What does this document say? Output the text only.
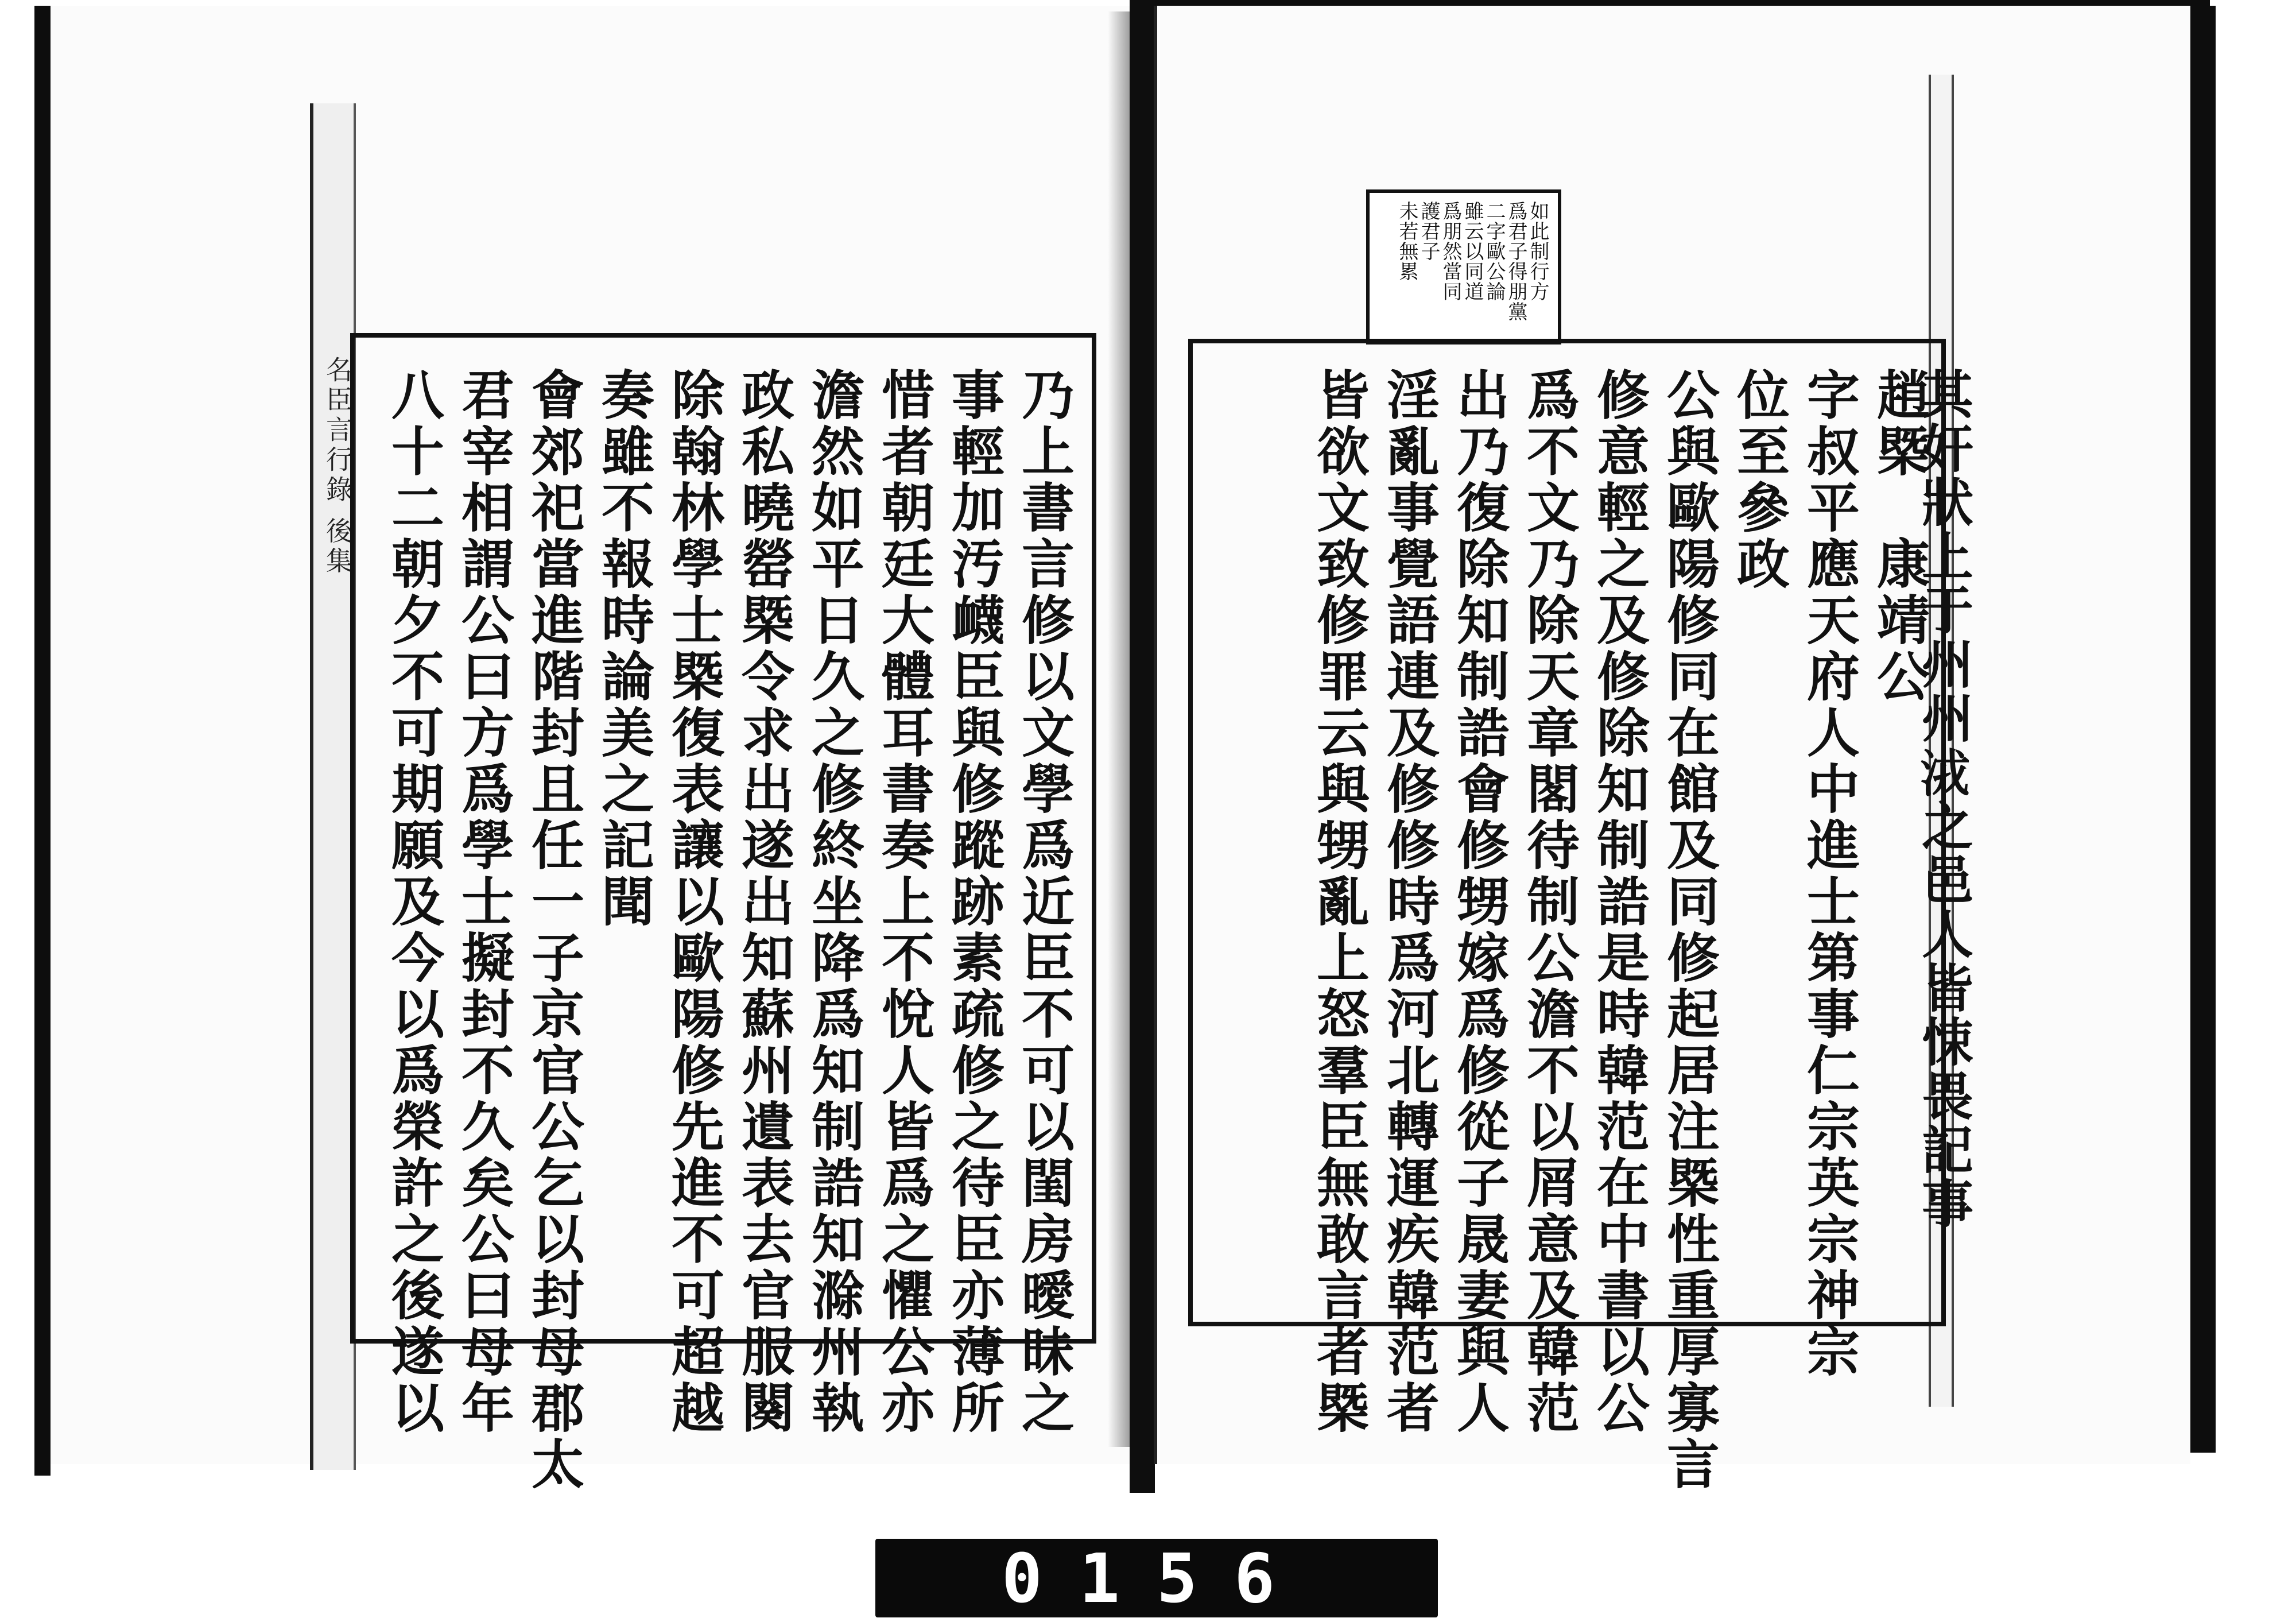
名臣言行錄 後集	乃上書言修以文學爲近臣不可以閨房曖昧之
事輕加汚衊臣與修蹤跡素疏修之待臣亦薄所
惜者朝廷大體耳書奏上不悅人皆爲之懼公亦
澹然如平日久之修終坐降爲知制誥知滁州執
政私曉罃槩令求出遂出知蘇州遺表去官服闋
除翰林學士槩復表讓以歐陽修先進不可超越
奏雖不報時論美之記聞
會郊祀當進階封且任一子京官公乞以封母郡太
君宰相謂公曰方爲學士擬封不久矣公曰母年
八十二朝夕不可期願及今以爲榮許之後遂以
如此制行方
爲君子得朋黨
二字歐公論
雖云以同道
爲朋然當同
護君子
未若無累
其奸狀上于州州𣴛之邑人皆悚畏記事
趙槩　康靖公
字叔平應天府人中進士第事仁宗英宗神宗
位至參政
公與歐陽修同在館及同修起居注槩性重厚寡言
修意輕之及修除知制誥是時韓范在中書以公
爲不文乃除天章閣待制公澹不以屑意及韓范
出乃復除知制誥會修甥嫁爲修從子晟妻與人
淫亂事覺語連及修修時爲河北轉運疾韓范者
皆欲文致修罪云與甥亂上怒羣臣無敢言者槩
0156
